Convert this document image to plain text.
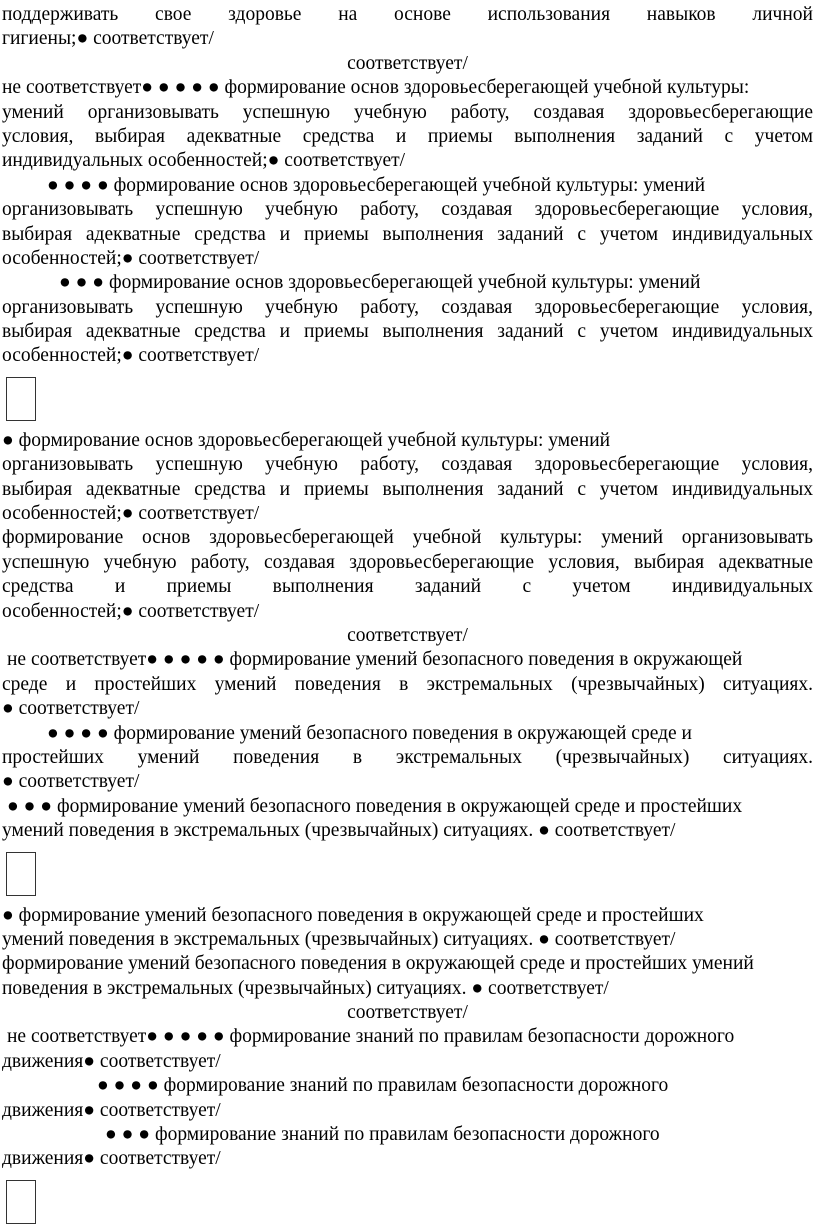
поддерживать свое здоровье на основе использования навыков личной
гигиены;● соответствует/
соответствует/
не соответствует● ● ● ● ● формирование основ здоровьесберегающей учебной культуры:
умений организовывать успешную учебную работу, создавая здоровьесберегающие
условия, выбирая адекватные средства и приемы выполнения заданий с учетом
индивидуальных особенностей;● соответствует/
● ● ● ● формирование основ здоровьесберегающей учебной культуры: умений
организовывать успешную учебную работу, создавая здоровьесберегающие условия,
выбирая адекватные средства и приемы выполнения заданий с учетом индивидуальных
особенностей;● соответствует/
● ● ● формирование основ здоровьесберегающей учебной культуры: умений
организовывать успешную учебную работу, создавая здоровьесберегающие условия,
выбирая адекватные средства и приемы выполнения заданий с учетом индивидуальных
особенностей;● соответствует/
● формирование основ здоровьесберегающей учебной культуры: умений
организовывать успешную учебную работу, создавая здоровьесберегающие условия,
выбирая адекватные средства и приемы выполнения заданий с учетом индивидуальных
особенностей;● соответствует/
формирование основ здоровьесберегающей учебной культуры: умений организовывать
успешную учебную работу, создавая здоровьесберегающие условия, выбирая адекватные
средства и приемы выполнения заданий с учетом индивидуальных
особенностей;● соответствует/
соответствует/
не соответствует● ● ● ● ● формирование умений безопасного поведения в окружающей
среде и простейших умений поведения в экстремальных (чрезвычайных) ситуациях.
● соответствует/
● ● ● ● формирование умений безопасного поведения в окружающей среде и
простейших умений поведения в экстремальных (чрезвычайных) ситуациях.
● соответствует/
● ● ● формирование умений безопасного поведения в окружающей среде и простейших
умений поведения в экстремальных (чрезвычайных) ситуациях. ● соответствует/
● формирование умений безопасного поведения в окружающей среде и простейших
умений поведения в экстремальных (чрезвычайных) ситуациях. ● соответствует/
формирование умений безопасного поведения в окружающей среде и простейших умений
поведения в экстремальных (чрезвычайных) ситуациях. ● соответствует/
соответствует/
не соответствует● ● ● ● ● формирование знаний по правилам безопасности дорожного
движения● соответствует/
● ● ● ● формирование знаний по правилам безопасности дорожного
движения● соответствует/
● ● ● формирование знаний по правилам безопасности дорожного
движения● соответствует/
